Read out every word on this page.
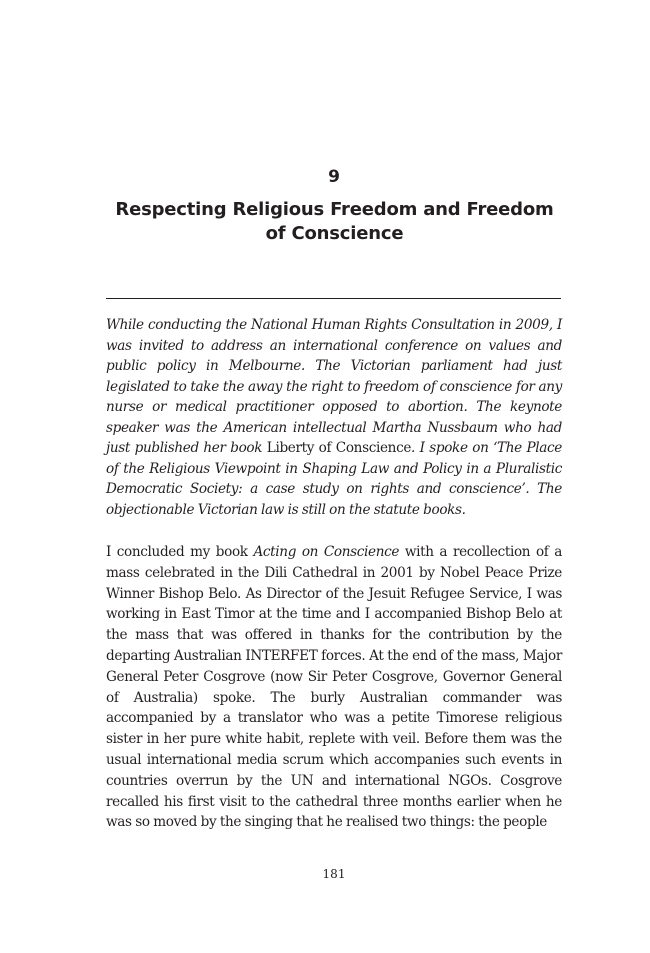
9
Respecting Religious Freedom and Freedom of Conscience

While conducting the National Human Rights Consultation in 2009, I was invited to address an international conference on values and public policy in Melbourne. The Victorian parliament had just legislated to take the away the right to freedom of conscience for any nurse or medical practitioner opposed to abortion. The keynote speaker was the American intellectual Martha Nussbaum who had just published her book Liberty of Conscience. I spoke on ‘The Place of the Religious Viewpoint in Shaping Law and Policy in a Pluralistic Democratic Society: a case study on rights and conscience’. The objectionable Victorian law is still on the statute books.

I concluded my book Acting on Conscience with a recollection of a mass celebrated in the Dili Cathedral in 2001 by Nobel Peace Prize Winner Bishop Belo. As Director of the Jesuit Refugee Service, I was working in East Timor at the time and I accompanied Bishop Belo at the mass that was offered in thanks for the contribution by the departing Australian INTERFET forces. At the end of the mass, Major General Peter Cosgrove (now Sir Peter Cosgrove, Governor General of Australia) spoke. The burly Australian commander was accompanied by a translator who was a petite Timorese religious sister in her pure white habit, replete with veil. Before them was the usual international media scrum which accompanies such events in countries overrun by the UN and international NGOs. Cosgrove recalled his first visit to the cathedral three months earlier when he was so moved by the singing that he realised two things: the people

181
